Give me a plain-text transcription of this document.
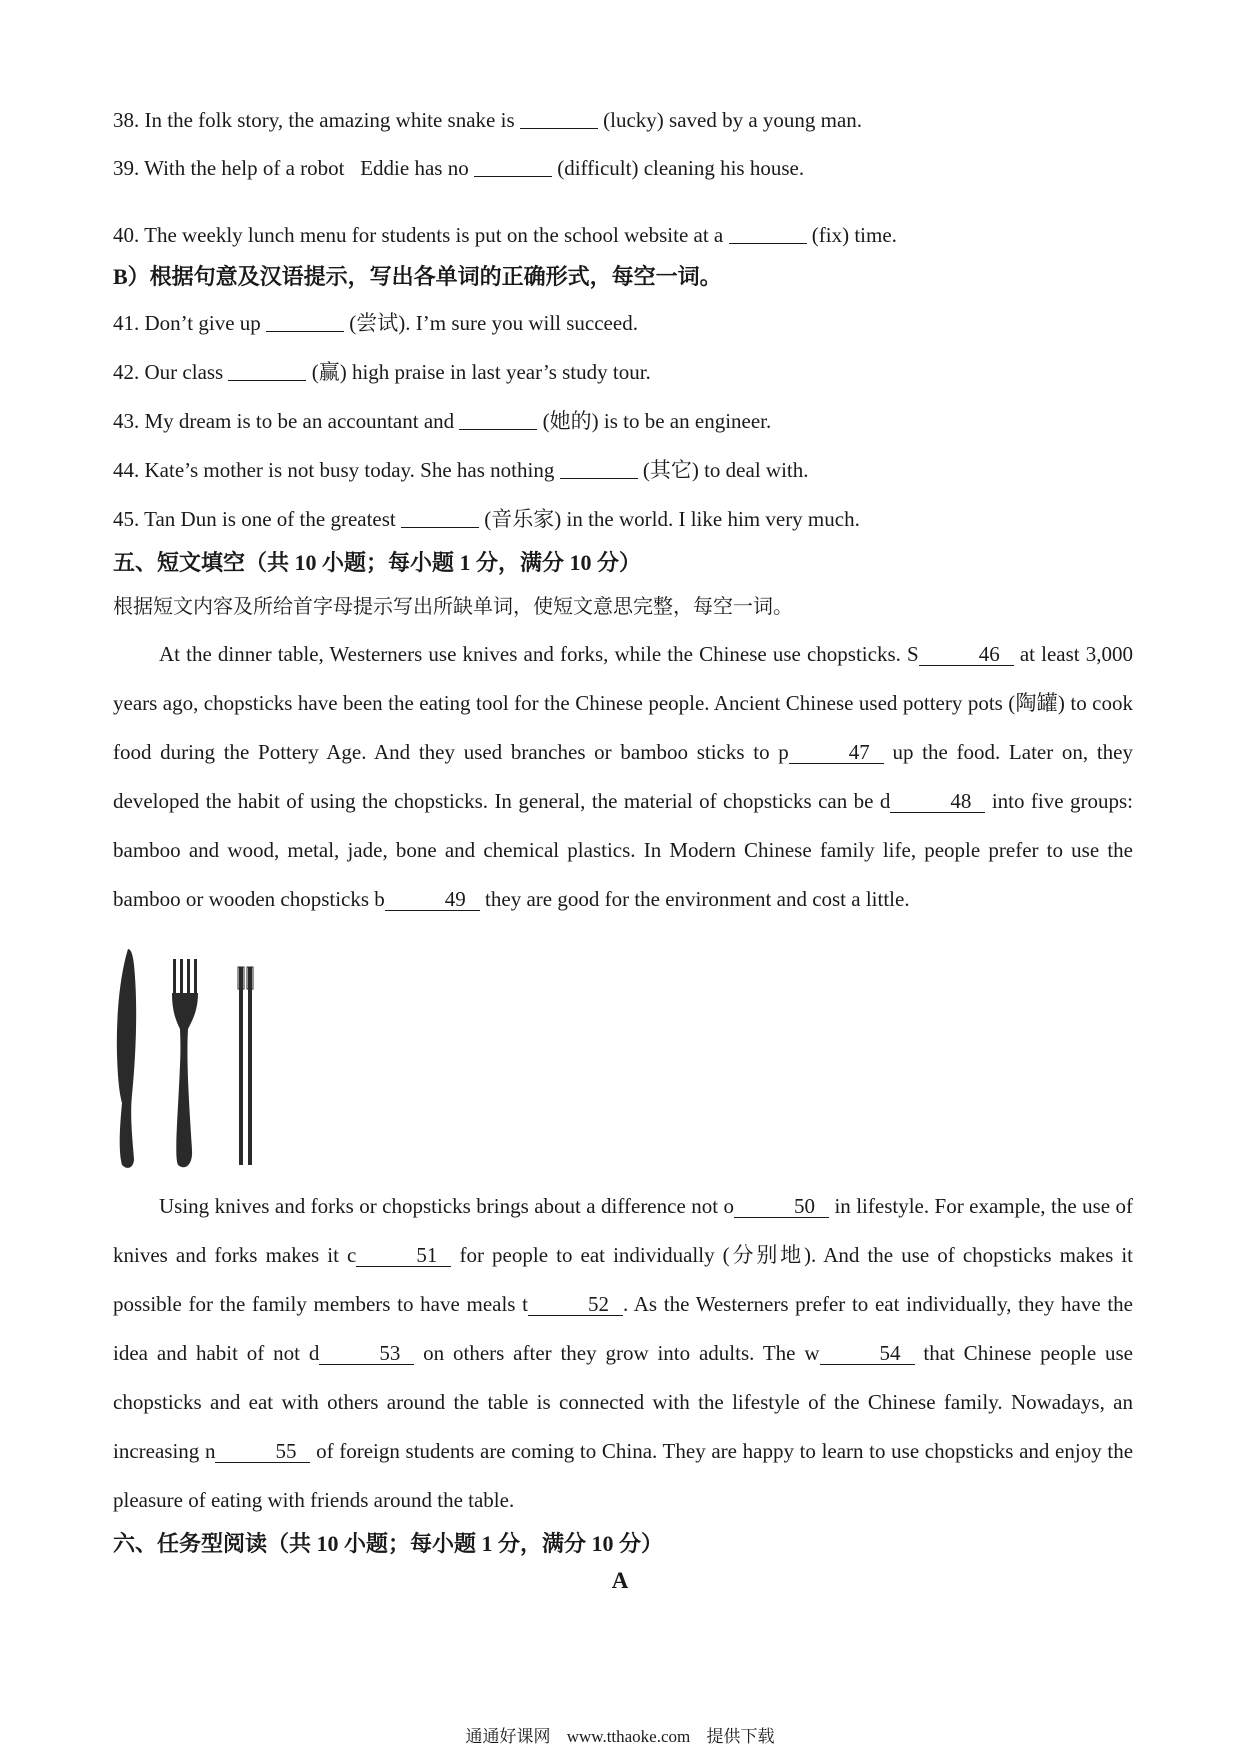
38. In the folk story, the amazing white snake is	(lucky) saved by a young man.
39. With the help of a robot   Eddie has no	(difficult) cleaning his house.
40. The weekly lunch menu for students is put on the school website at a	(fix) time.
B）根据句意及汉语提示，写出各单词的正确形式，每空一词。
41. Don’t give up	(尝试). I’m sure you will succeed.
42. Our class	(赢) high praise in last year’s study tour.
43. My dream is to be an accountant and	(她的) is to be an engineer.
44. Kate’s mother is not busy today. She has nothing	(其它) to deal with.
45. Tan Dun is one of the greatest	(音乐家) in the world. I like him very much.
五、短文填空（共 10 小题；每小题 1 分，满分 10 分）
根据短文内容及所给首字母提示写出所缺单词，使短文意思完整，每空一词。

At the dinner table, Westerners use knives and forks, while the Chinese use chopsticks. S	46 at least 3,000 years ago, chopsticks have been the eating tool for the Chinese people. Ancient Chinese used pottery pots (陶罐) to cook food during the Pottery Age. And they used branches or bamboo sticks to p	47 up the food. Later on, they developed the habit of using the chopsticks. In general, the material of chopsticks can be d	48 into five groups: bamboo and wood, metal, jade, bone and chemical plastics. In Modern Chinese family life, people prefer to use the bamboo or wooden chopsticks b	49 they are good for the environment and cost a little.

Using knives and forks or chopsticks brings about a difference not o	50 in lifestyle. For example, the use of knives and forks makes it c	51 for people to eat individually (分别地). And the use of chopsticks makes it possible for the family members to have meals t	52 . As the Westerners prefer to eat individually, they have the idea and habit of not d	53 on others after they grow into adults. The w	54 that Chinese people use chopsticks and eat with others around the table is connected with the lifestyle of the Chinese family. Nowadays, an increasing n	55 of foreign students are coming to China. They are happy to learn to use chopsticks and enjoy the pleasure of eating with friends around the table.

六、任务型阅读（共 10 小题；每小题 1 分，满分 10 分）
A
通通好课网 www.tthaoke.com 提供下载
